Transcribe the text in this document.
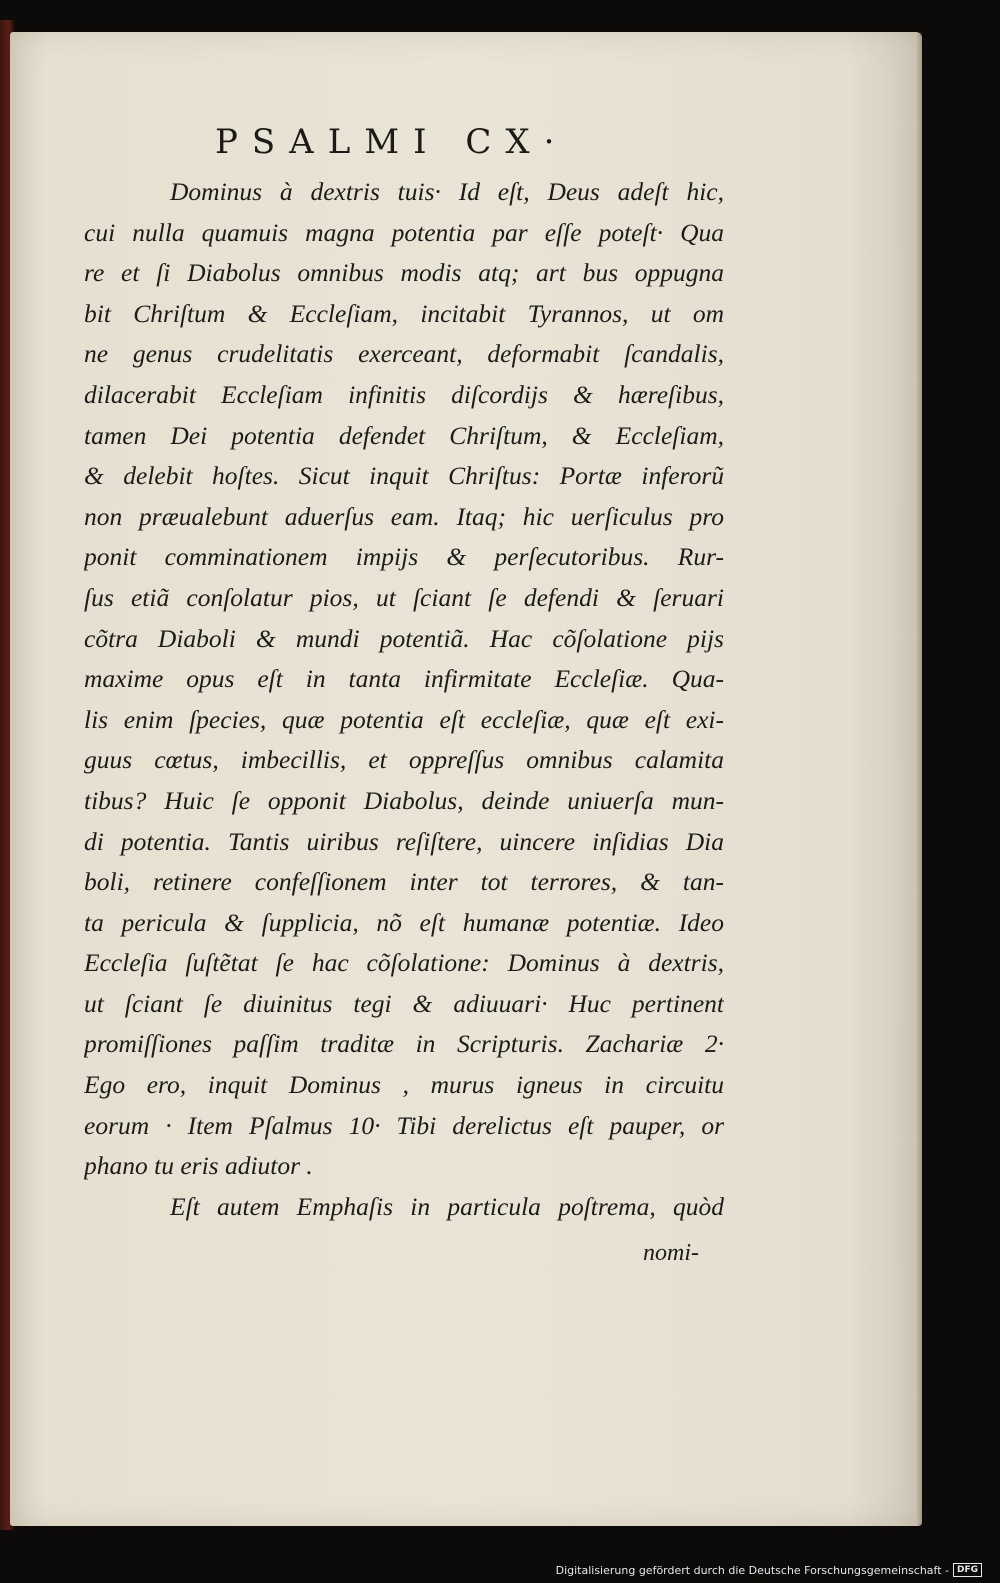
PSALMI CX·
Dominus à dextris tuis· Id eſt, Deus adeſt hic,
cui nulla quamuis magna potentia par eſſe poteſt· Qua
re et ſi Diabolus omnibus modis atq; art bus oppugna
bit Chriſtum & Eccleſiam, incitabit Tyrannos, ut om
ne genus crudelitatis exerceant, deformabit ſcandalis,
dilacerabit Eccleſiam infinitis diſcordijs & hæreſibus,
tamen Dei potentia defendet Chriſtum, & Eccleſiam,
& delebit hoſtes. Sicut inquit Chriſtus: Portæ inferorũ
non præualebunt aduerſus eam. Itaq; hic uerſiculus pro
ponit comminationem impijs & perſecutoribus. Rur-
ſus etiã conſolatur pios, ut ſciant ſe defendi & ſeruari
cõtra Diaboli & mundi potentiã. Hac cõſolatione pijs
maxime opus eſt in tanta infirmitate Eccleſiæ. Qua-
lis enim ſpecies, quæ potentia eſt eccleſiæ, quæ eſt exi-
guus cœtus, imbecillis, et oppreſſus omnibus calamita
tibus? Huic ſe opponit Diabolus, deinde uniuerſa mun-
di potentia. Tantis uiribus reſiſtere, uincere inſidias Dia
boli, retinere confeſſionem inter tot terrores, & tan-
ta pericula & ſupplicia, nõ eſt humanæ potentiæ. Ideo
Eccleſia ſuſtẽtat ſe hac cõſolatione: Dominus à dextris,
ut ſciant ſe diuinitus tegi & adiuuari· Huc pertinent
promiſſiones paſſim traditæ in Scripturis. Zachariæ 2·
Ego ero, inquit Dominus , murus igneus in circuitu
eorum · Item Pſalmus 10· Tibi derelictus eſt pauper, or
phano tu eris adiutor .
Eſt autem Emphaſis in particula poſtrema, quòd
nomi-
Digitalisierung gefördert durch die Deutsche Forschungsgemeinschaft - DFG
